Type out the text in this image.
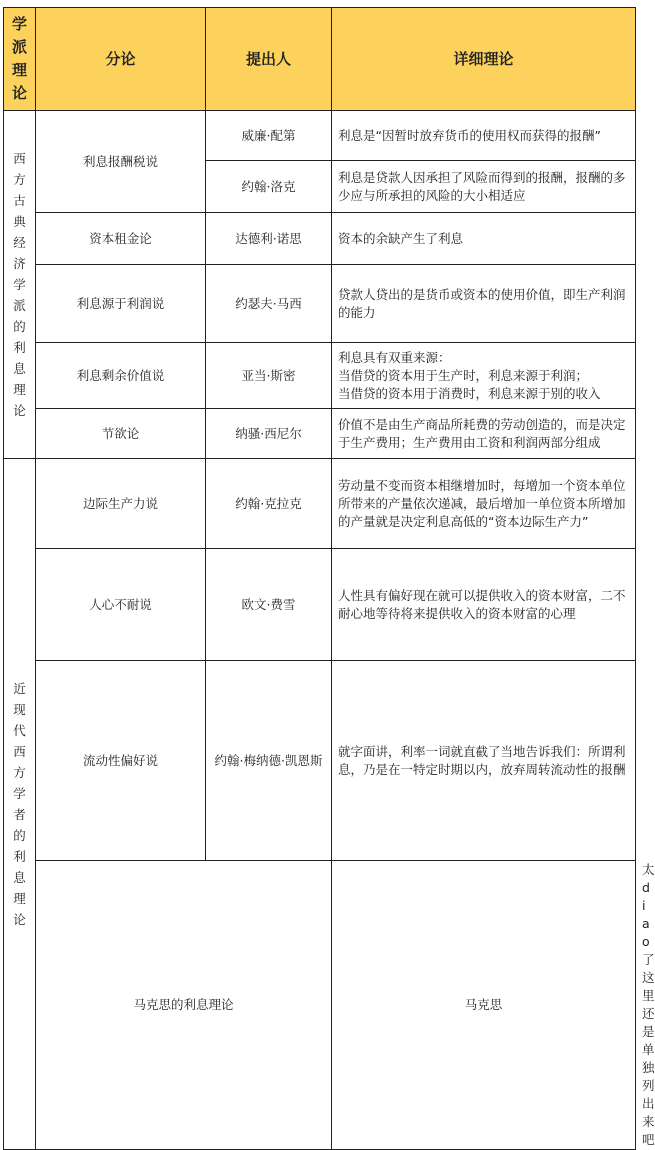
学派理论	分论	提出人	详细理论	

西方古典经济学派的利息理论	利息报酬税说	威廉·配第	利息是“因暂时放弃货币的使用权而获得的报酬”	
		约翰·洛克	利息是贷款人因承担了风险而得到的报酬，报酬的多少应与所承担的风险的大小相适应	
	资本租金论	达德利·诺思	资本的余缺产生了利息	
	利息源于利润说	约瑟夫·马西	贷款人贷出的是货币或资本的使用价值，即生产利润的能力	
	利息剩余价值说	亚当·斯密	利息具有双重来源：
当借贷的资本用于生产时，利息来源于利润；
当借贷的资本用于消费时，利息来源于别的收入	

	节欲论	纳骚·西尼尔	价值不是由生产商品所耗费的劳动创造的，而是决定于生产费用；生产费用由工资和利润两部分组成	

近现代西方学者的利息理论	边际生产力说	约翰·克拉克	劳动量不变而资本相继增加时，每增加一个资本单位所带来的产量依次递减，最后增加一单位资本所增加的产量就是决定利息高低的“资本边际生产力”	
	人心不耐说	欧文·费雪	人性具有偏好现在就可以提供收入的资本财富，二不耐心地等待将来提供收入的资本财富的心理	
	流动性偏好说	约翰·梅纳德·凯恩斯	就字面讲，利率一词就直截了当地告诉我们：所谓利息，乃是在一特定时期以内，放弃周转流动性的报酬	
	马克思的利息理论		马克思	太diao了 这里还是单独列出来吧
